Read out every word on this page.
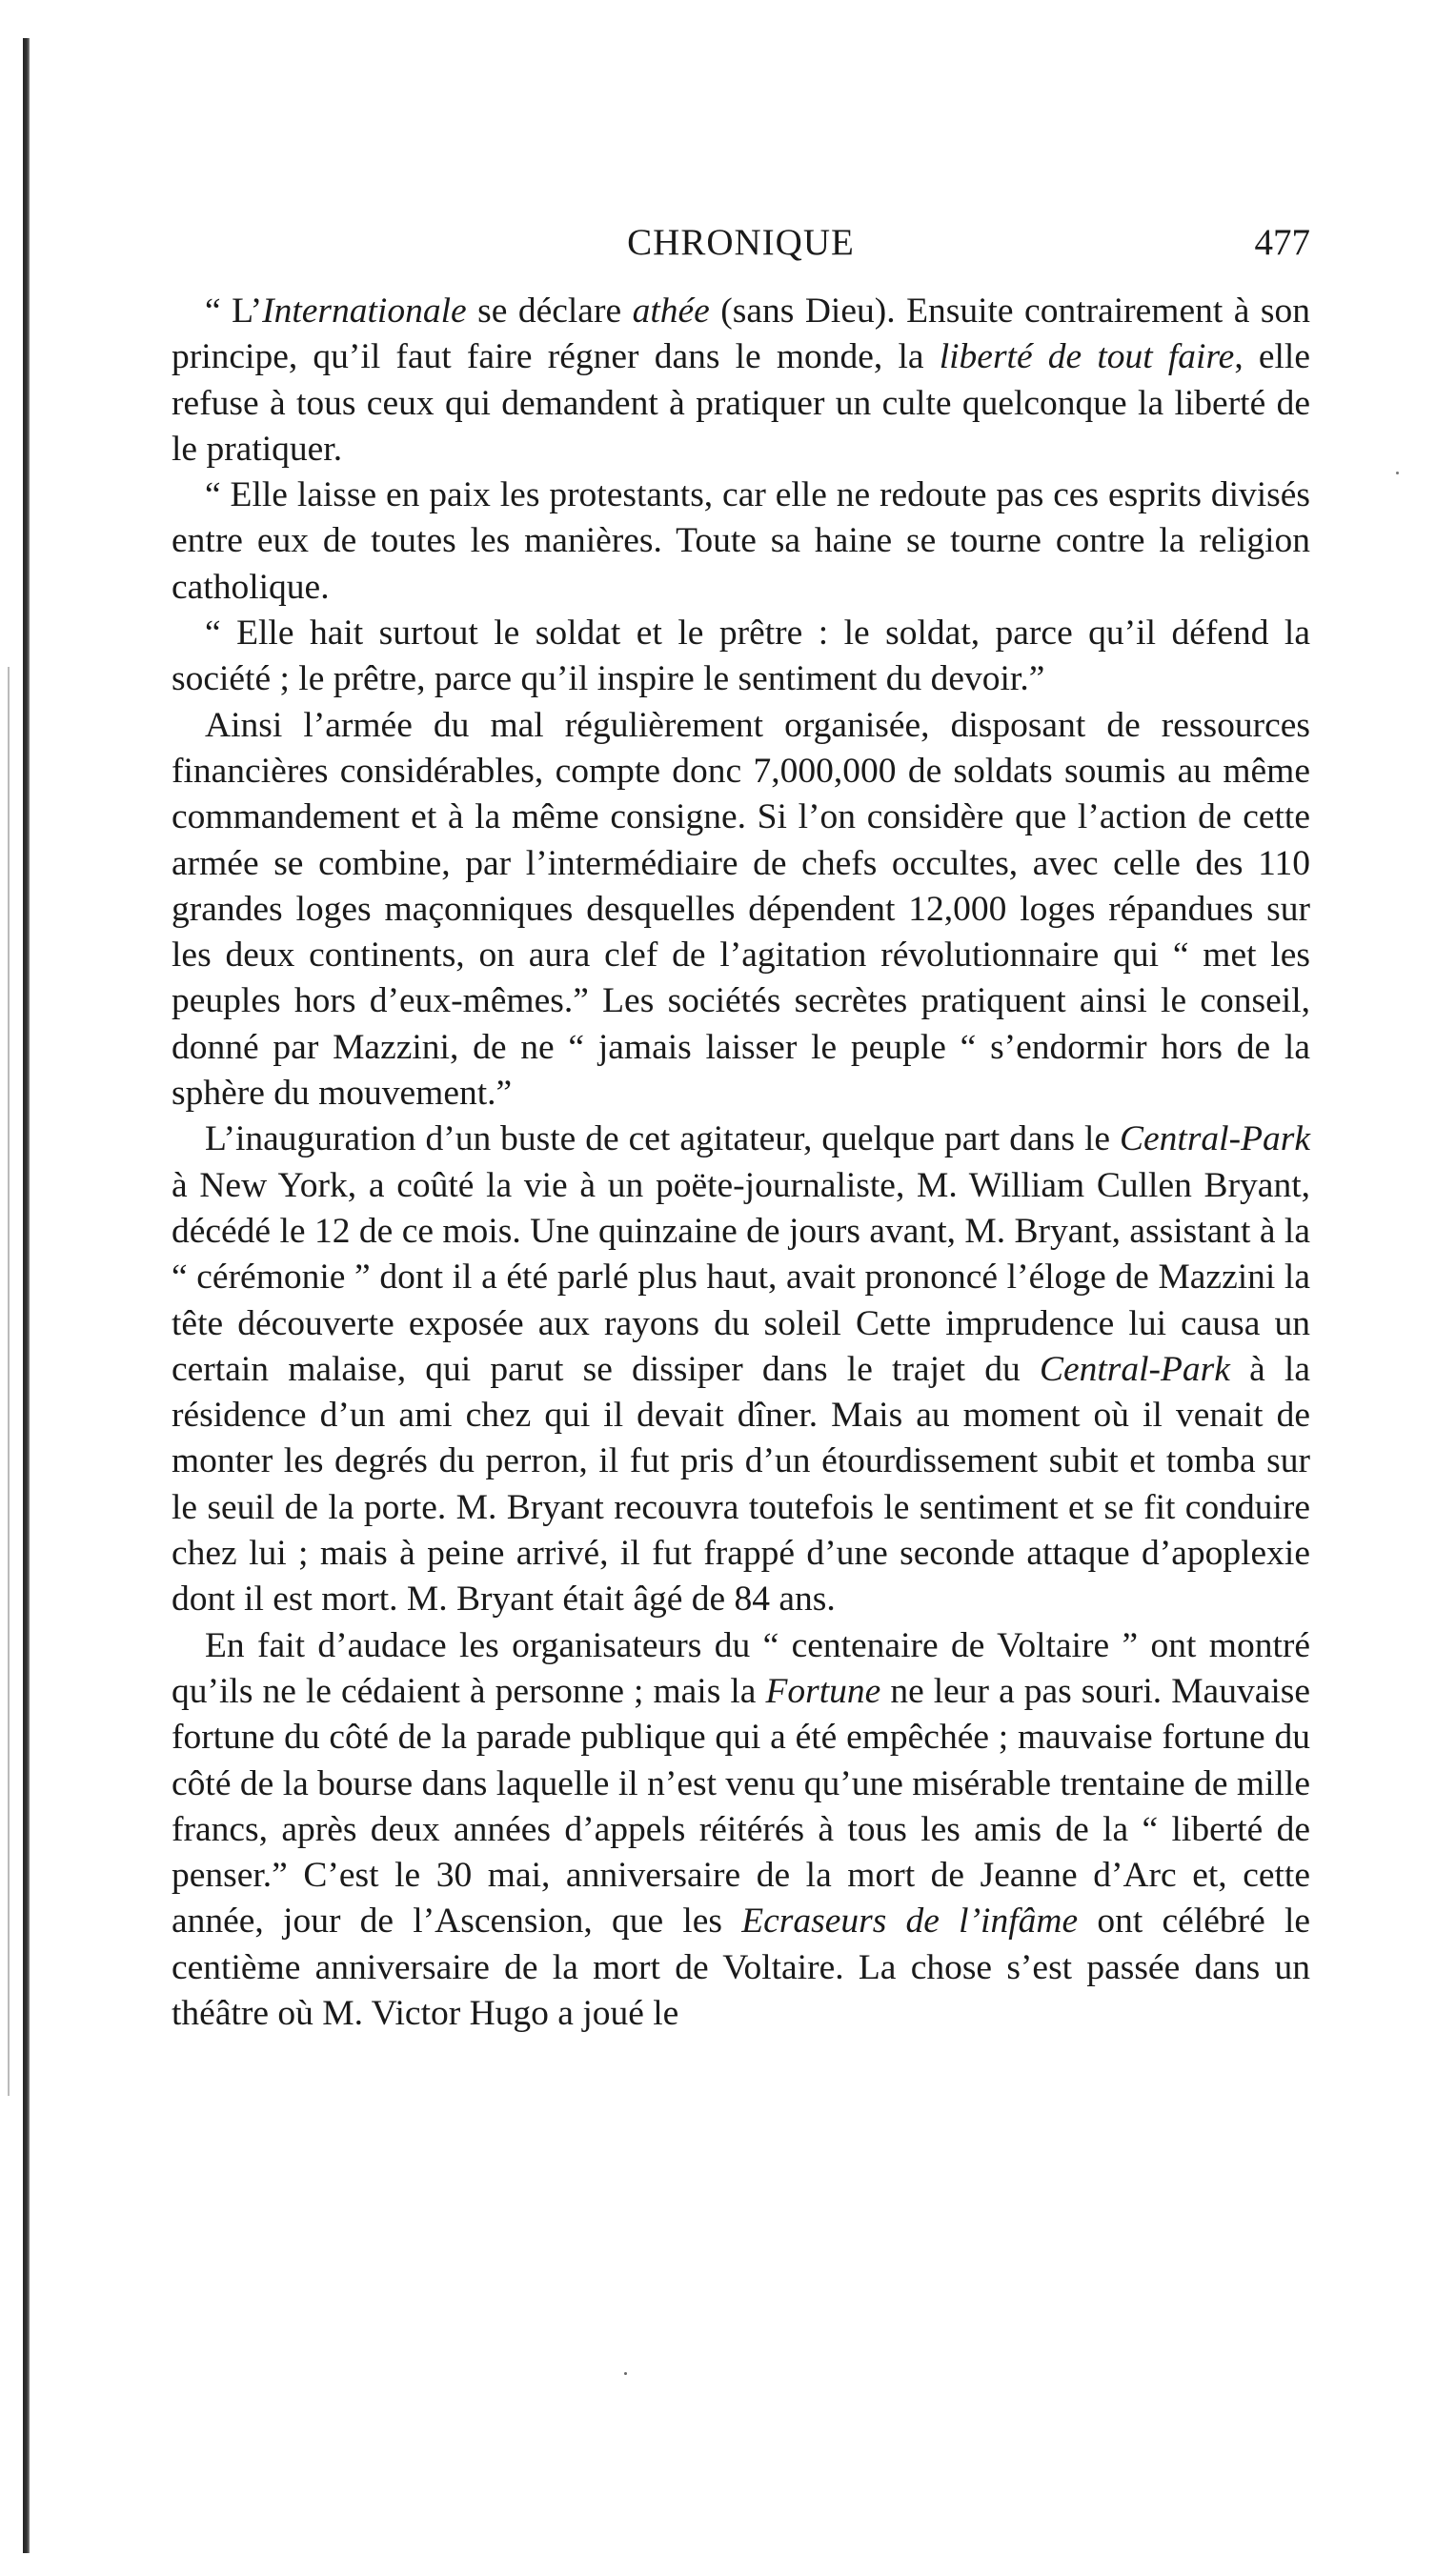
CHRONIQUE	477

“ L’Internationale se déclare athée (sans Dieu). Ensuite contrairement à son principe, qu’il faut faire régner dans le monde, la liberté de tout faire, elle refuse à tous ceux qui demandent à pratiquer un culte quelconque la liberté de le pratiquer.

“ Elle laisse en paix les protestants, car elle ne redoute pas ces esprits divisés entre eux de toutes les manières. Toute sa haine se tourne contre la religion catholique.

“ Elle hait surtout le soldat et le prêtre : le soldat, parce qu’il défend la société ; le prêtre, parce qu’il inspire le sentiment du devoir.”

Ainsi l’armée du mal régulièrement organisée, disposant de ressources financières considérables, compte donc 7,000,000 de soldats soumis au même commandement et à la même consigne. Si l’on considère que l’action de cette armée se combine, par l’intermédiaire de chefs occultes, avec celle des 110 grandes loges maçonniques desquelles dépendent 12,000 loges répandues sur les deux continents, on aura clef de l’agitation révolutionnaire qui “ met les peuples hors d’eux-mêmes.” Les sociétés secrètes pratiquent ainsi le conseil, donné par Mazzini, de ne “ jamais laisser le peuple “ s’endormir hors de la sphère du mouvement.”

L’inauguration d’un buste de cet agitateur, quelque part dans le Central-Park à New York, a coûté la vie à un poëte-journaliste, M. William Cullen Bryant, décédé le 12 de ce mois. Une quinzaine de jours avant, M. Bryant, assistant à la “ cérémonie ” dont il a été parlé plus haut, avait prononcé l’éloge de Mazzini la tête découverte exposée aux rayons du soleil Cette imprudence lui causa un certain malaise, qui parut se dissiper dans le trajet du Central-Park à la résidence d’un ami chez qui il devait dîner. Mais au moment où il venait de monter les degrés du perron, il fut pris d’un étourdissement subit et tomba sur le seuil de la porte. M. Bryant recouvra toutefois le sentiment et se fit conduire chez lui ; mais à peine arrivé, il fut frappé d’une seconde attaque d’apoplexie dont il est mort. M. Bryant était âgé de 84 ans.

En fait d’audace les organisateurs du “ centenaire de Voltaire ” ont montré qu’ils ne le cédaient à personne ; mais la Fortune ne leur a pas souri. Mauvaise fortune du côté de la parade publique qui a été empêchée ; mauvaise fortune du côté de la bourse dans laquelle il n’est venu qu’une misérable trentaine de mille francs, après deux années d’appels réitérés à tous les amis de la “ liberté de penser.” C’est le 30 mai, anniversaire de la mort de Jeanne d’Arc et, cette année, jour de l’Ascension, que les Ecraseurs de l’infâme ont célébré le centième anniversaire de la mort de Voltaire. La chose s’est passée dans un théâtre où M. Victor Hugo a joué le
